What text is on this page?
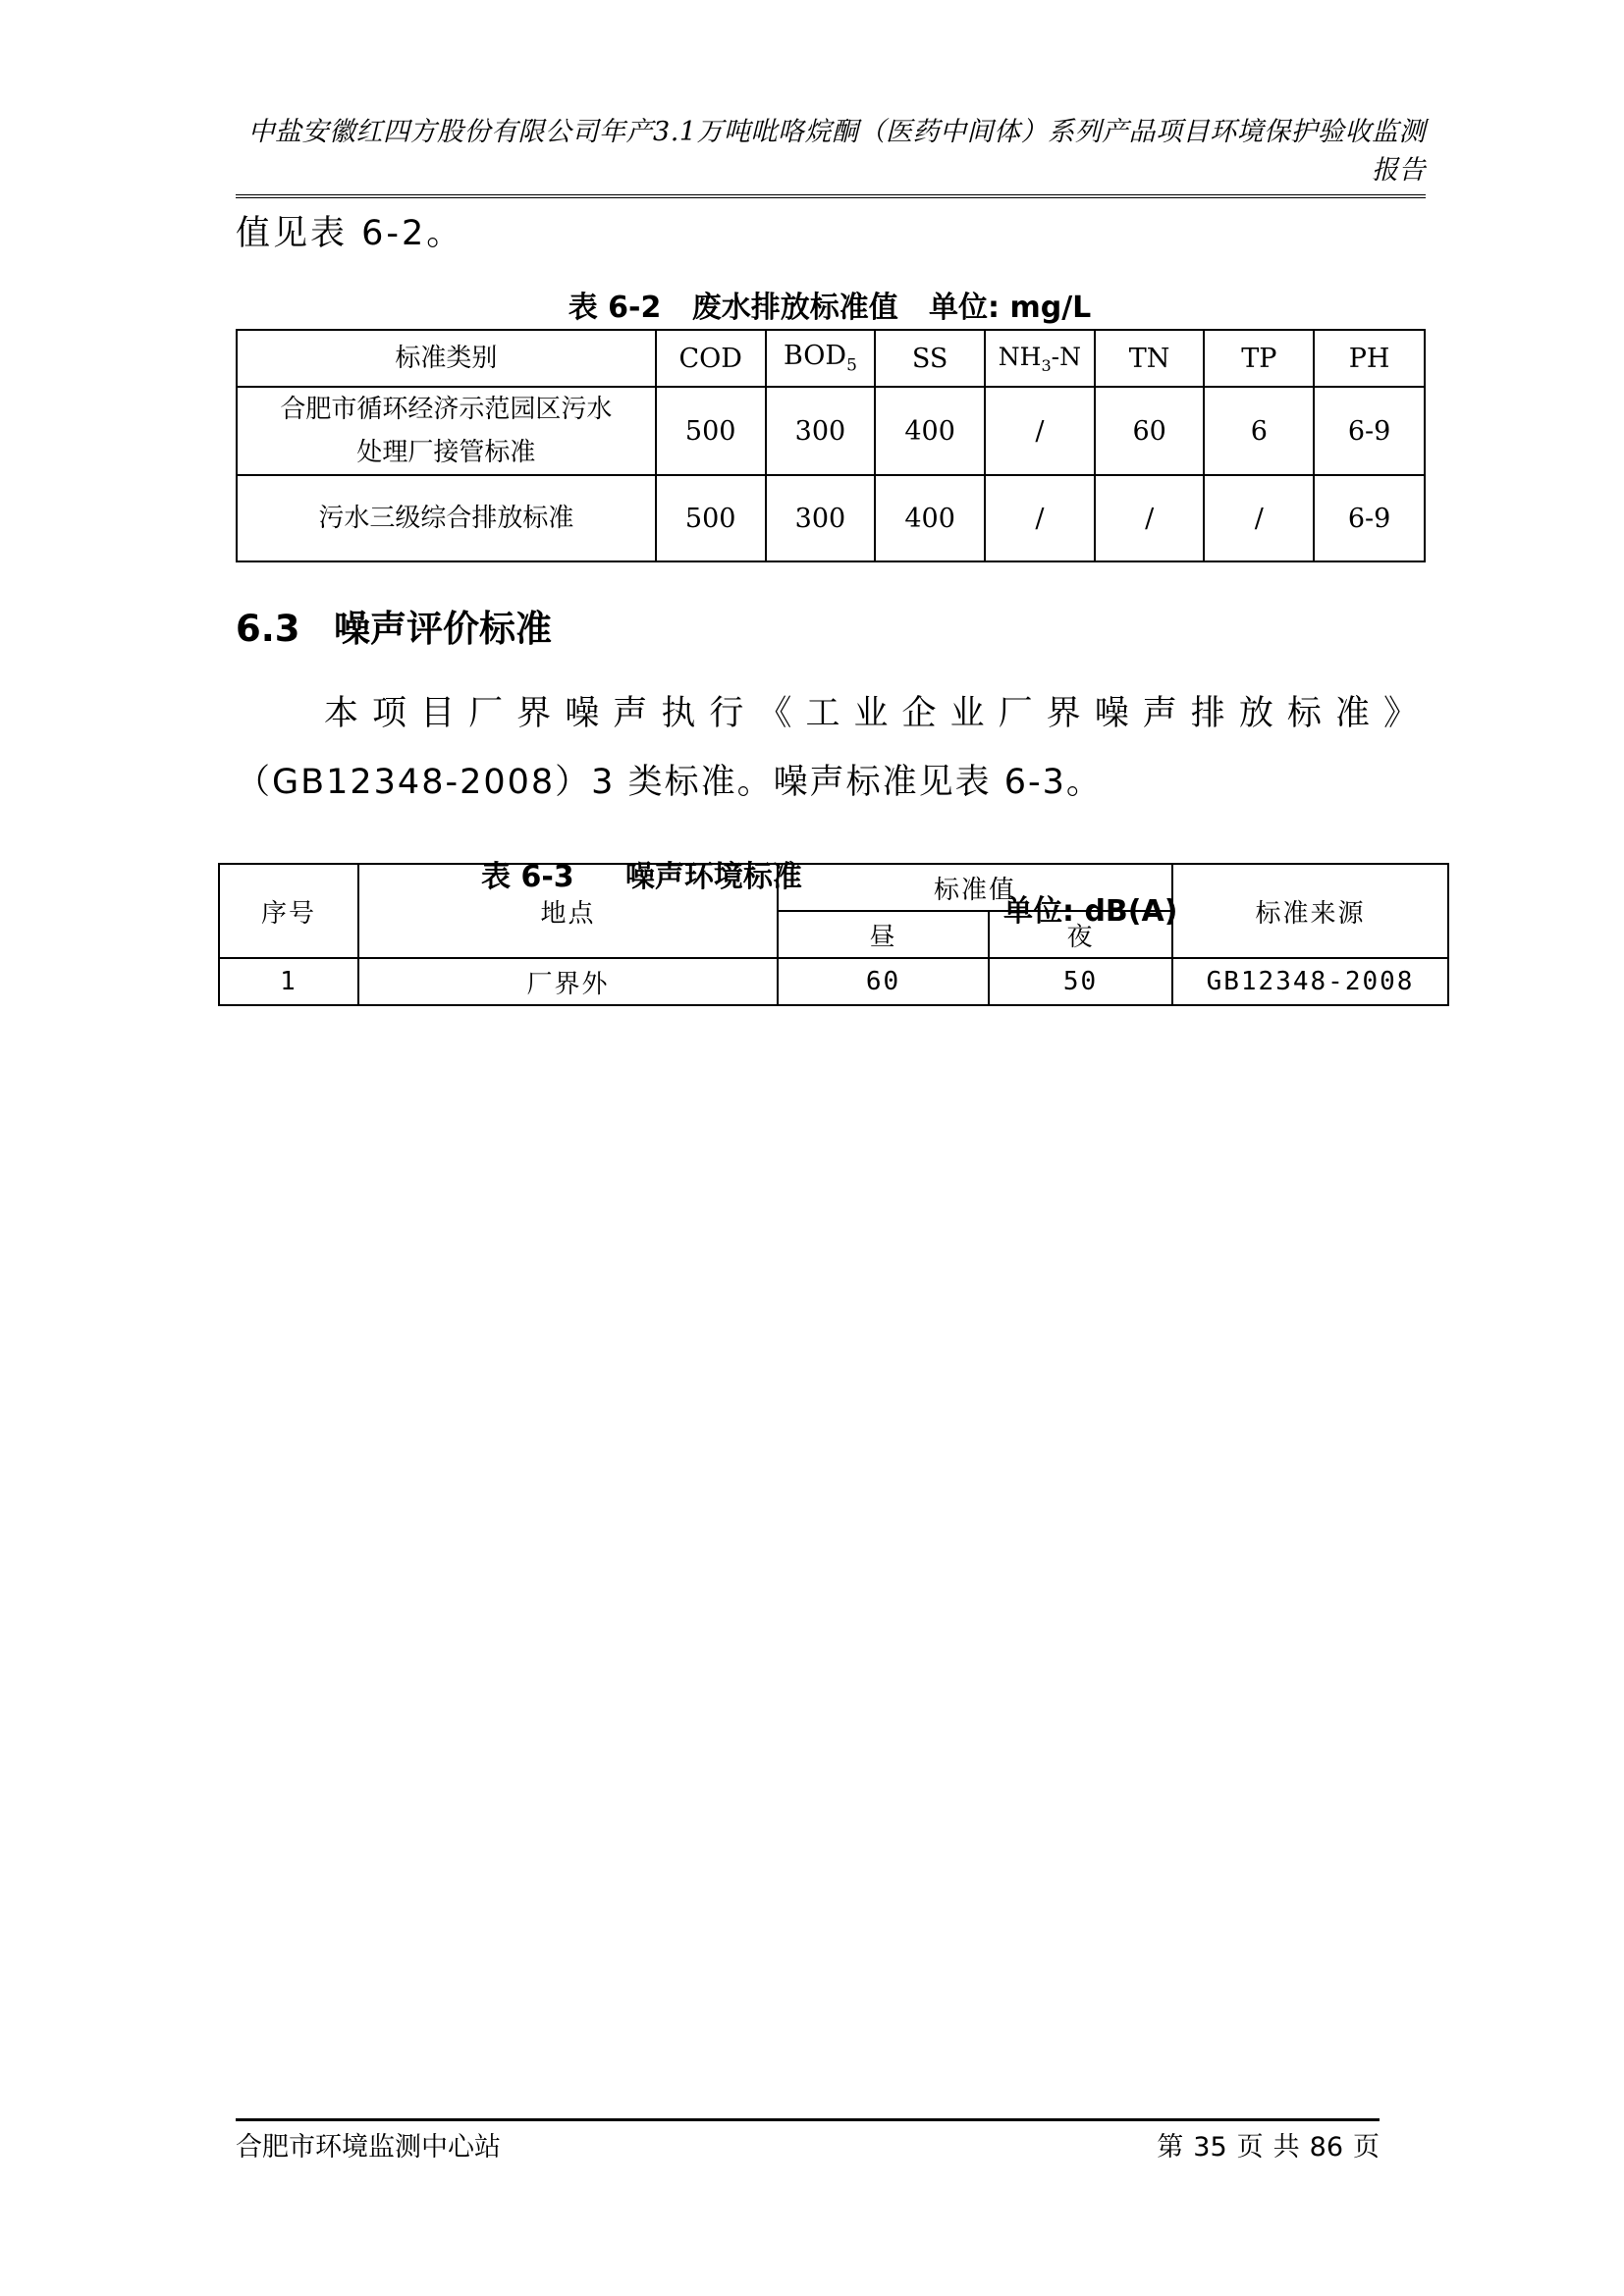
中盐安徽红四方股份有限公司年产3.1万吨吡咯烷酮（医药中间体）系列产品项目环境保护验收监测报告
值见表 6-2。
表 6-2   废水排放标准值   单位: mg/L
标准类别	COD	$BOD_5$	SS	$NH_3-N$	TN	TP	PH

合肥市循环经济示范园区污水
处理厂接管标准	500	300	400	/	60	6	6-9
污水三级综合排放标准	500	300	400	/	/	/	6-9
6.3 噪声评价标准
本项目厂界噪声执行《工业企业厂界噪声排放标准》
（GB12348-2008）3 类标准。噪声标准见表 6-3。

表 6-3     噪声环境标准

单位: dB(A)

序号	地点	标准值		标准来源
		昼	夜	
1	厂界外	60	50	GB12348-2008
合肥市环境监测中心站	第 35 页 共 86 页
